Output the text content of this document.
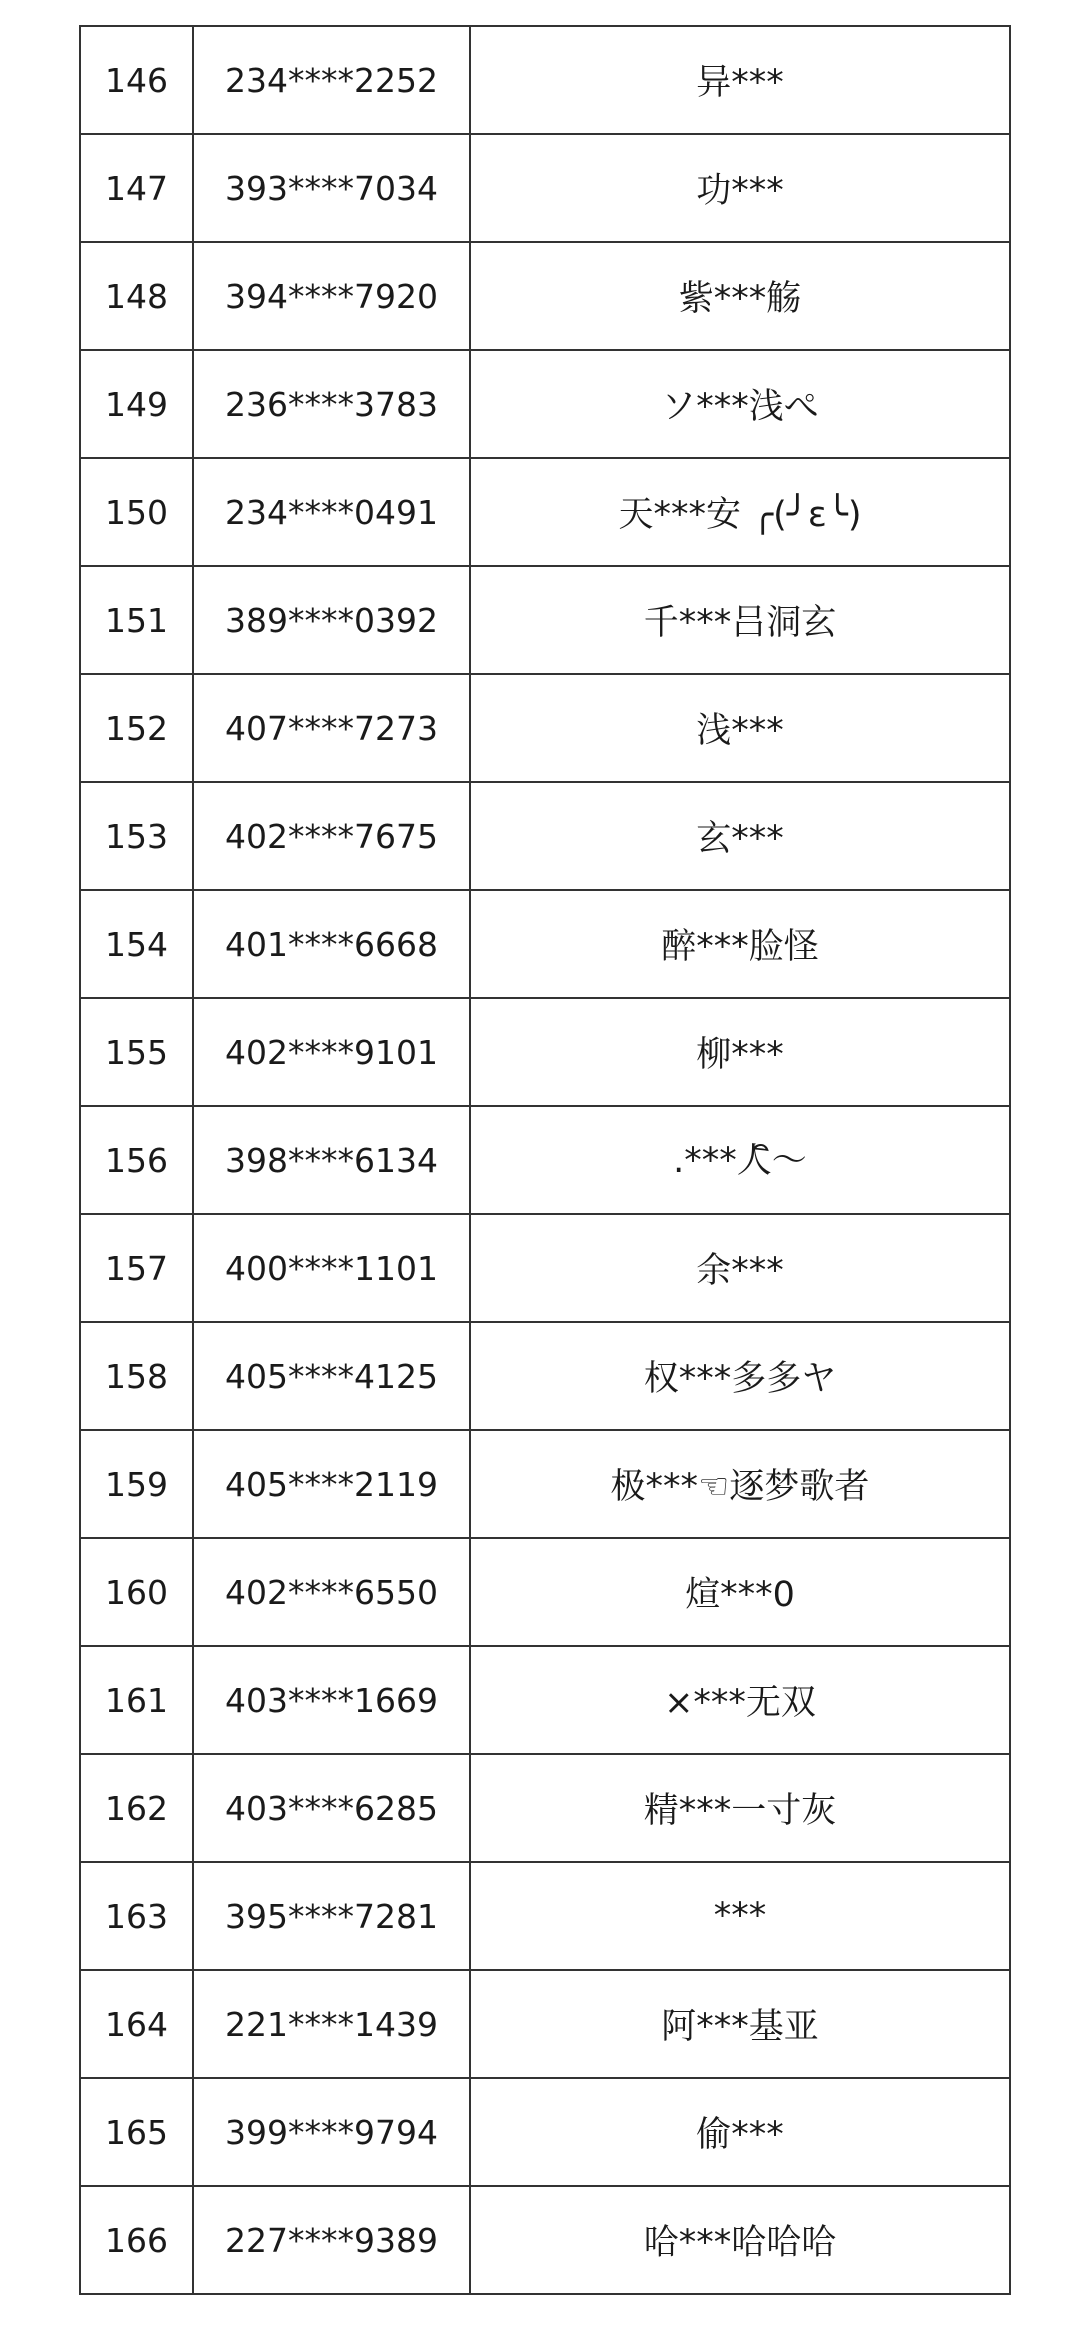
146	234****2252	异***
147	393****7034	功***
148	394****7920	紫***觞
149	236****3783	ソ***浅ぺ
150	234****0491	天***安 ╭(╯ε╰)
151	389****0392	千***吕洞玄
152	407****7273	浅***
153	402****7675	玄***
154	401****6668	醉***脸怪
155	402****9101	柳***
156	398****6134	.***人ิ〜
157	400****1101	余***
158	405****4125	权***多多ヤ
159	405****2119	极***☜逐梦歌者
160	402****6550	煊***0
161	403****1669	×***无双
162	403****6285	精***一寸灰
163	395****7281	***
164	221****1439	阿***基亚
165	399****9794	偷***
166	227****9389	哈***哈哈哈
